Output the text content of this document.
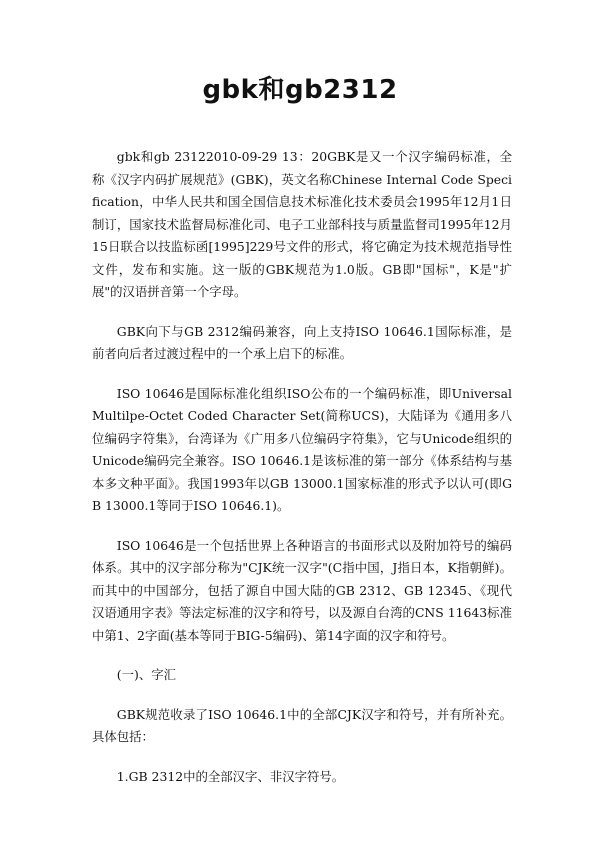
gbk和gb2312

gbk和gb 23122010-09-29 13：20GBK是又一个汉字编码标准，全称《汉字内码扩展规范》(GBK)，英文名称Chinese Internal Code Specification，中华人民共和国全国信息技术标准化技术委员会1995年12月1日制订，国家技术监督局标准化司、电子工业部科技与质量监督司1995年12月15日联合以技监标函[1995]229号文件的形式，将它确定为技术规范指导性文件，发布和实施。这一版的GBK规范为1.0版。GB即"国标"，K是"扩展"的汉语拼音第一个字母。

GBK向下与GB 2312编码兼容，向上支持ISO 10646.1国际标准，是前者向后者过渡过程中的一个承上启下的标准。

ISO 10646是国际标准化组织ISO公布的一个编码标准，即Universal Multilpe-Octet Coded Character Set(简称UCS)，大陆译为《通用多八位编码字符集》，台湾译为《广用多八位编码字符集》，它与Unicode组织的Unicode编码完全兼容。ISO 10646.1是该标准的第一部分《体系结构与基本多文种平面》。我国1993年以GB 13000.1国家标准的形式予以认可(即GB 13000.1等同于ISO 10646.1)。

ISO 10646是一个包括世界上各种语言的书面形式以及附加符号的编码体系。其中的汉字部分称为"CJK统一汉字"(C指中国，J指日本，K指朝鲜)。而其中的中国部分，包括了源自中国大陆的GB 2312、GB 12345、《现代汉语通用字表》等法定标准的汉字和符号，以及源自台湾的CNS 11643标准中第1、2字面(基本等同于BIG-5编码)、第14字面的汉字和符号。

(一)、字汇

GBK规范收录了ISO 10646.1中的全部CJK汉字和符号，并有所补充。具体包括：

1.GB 2312中的全部汉字、非汉字符号。
